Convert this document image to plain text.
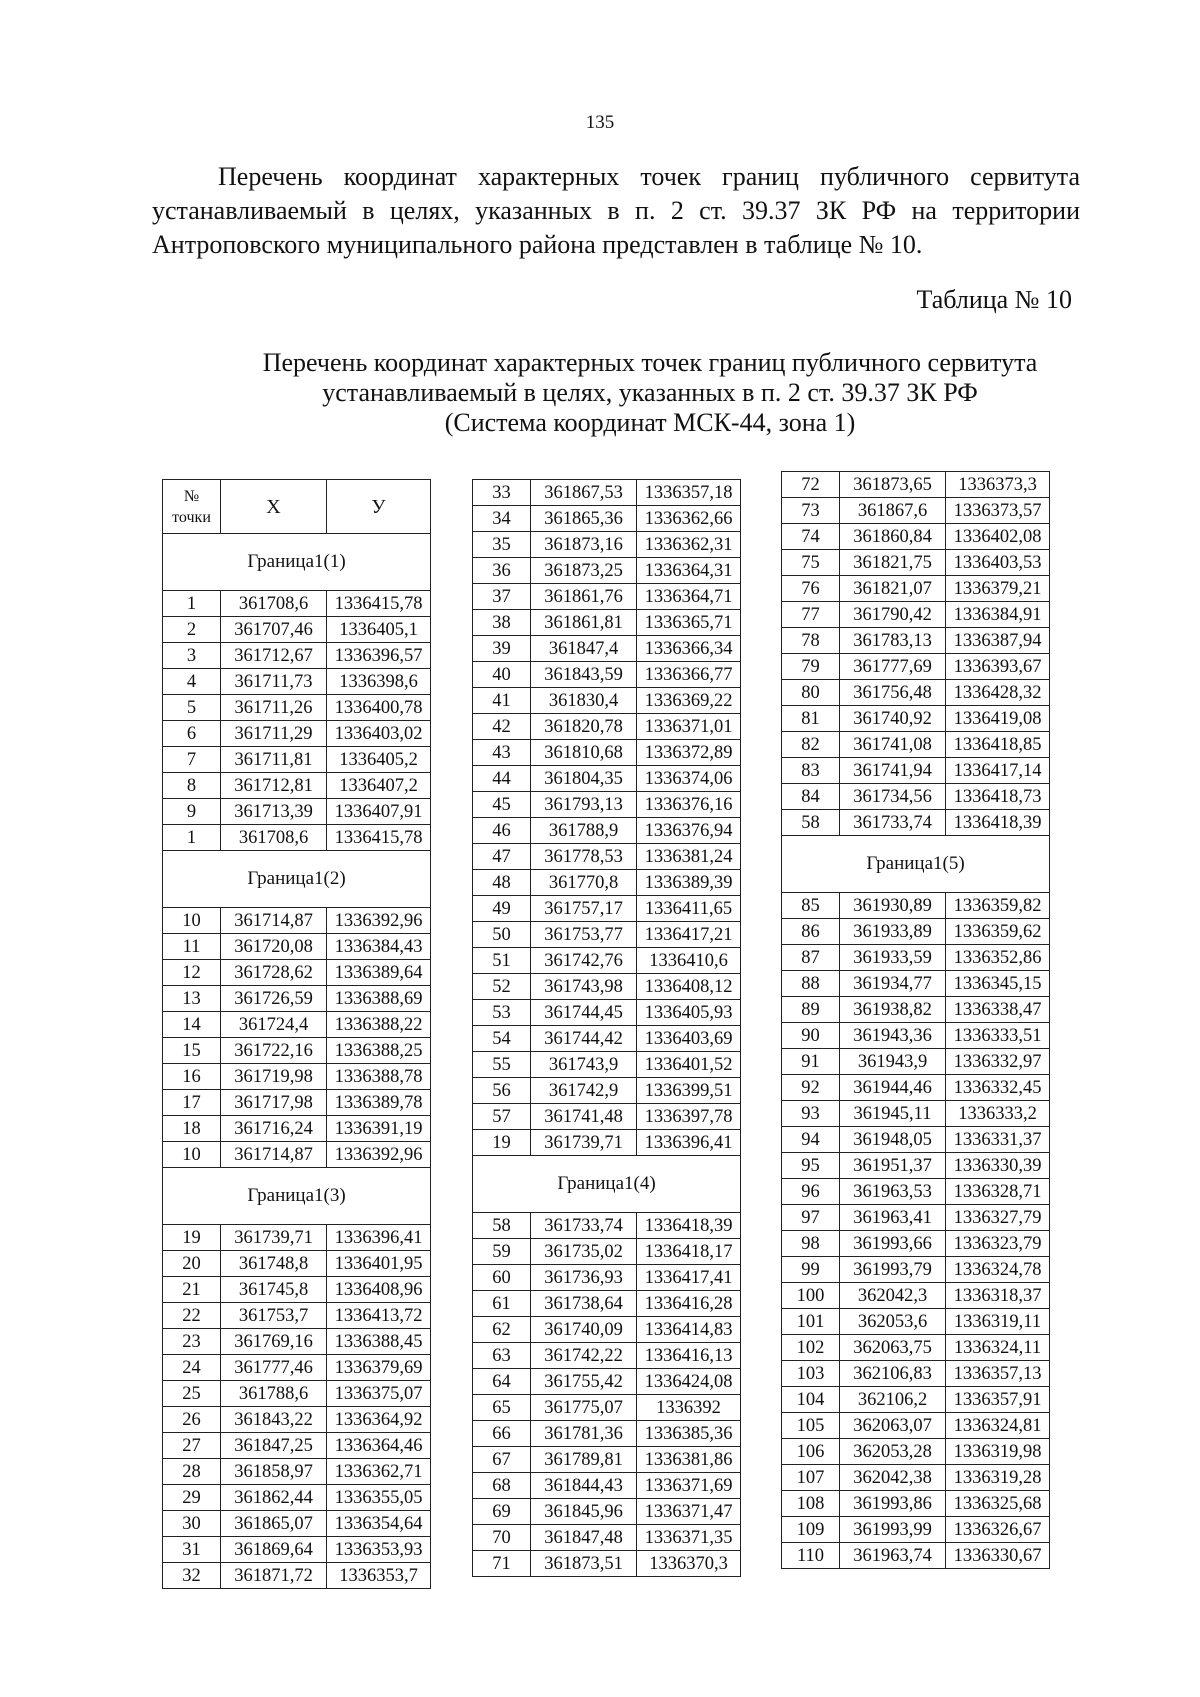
135
Перечень координат характерных точек границ публичного сервитута устанавливаемый в целях, указанных в п. 2 ст. 39.37 ЗК РФ на территории Антроповского муниципального района представлен в таблице № 10.
Таблица № 10
Перечень координат характерных точек границ публичного сервитута
устанавливаемый в целях, указанных в п. 2 ст. 39.37 ЗК РФ
(Система координат МСК-44, зона 1)
№
точки	Х	У
Граница1(1)		
1	361708,6	1336415,78
2	361707,46	1336405,1
3	361712,67	1336396,57
4	361711,73	1336398,6
5	361711,26	1336400,78
6	361711,29	1336403,02
7	361711,81	1336405,2
8	361712,81	1336407,2
9	361713,39	1336407,91
1	361708,6	1336415,78
Граница1(2)		
10	361714,87	1336392,96
11	361720,08	1336384,43
12	361728,62	1336389,64
13	361726,59	1336388,69
14	361724,4	1336388,22
15	361722,16	1336388,25
16	361719,98	1336388,78
17	361717,98	1336389,78
18	361716,24	1336391,19
10	361714,87	1336392,96
Граница1(3)		
19	361739,71	1336396,41
20	361748,8	1336401,95
21	361745,8	1336408,96
22	361753,7	1336413,72
23	361769,16	1336388,45
24	361777,46	1336379,69
25	361788,6	1336375,07
26	361843,22	1336364,92
27	361847,25	1336364,46
28	361858,97	1336362,71
29	361862,44	1336355,05
30	361865,07	1336354,64
31	361869,64	1336353,93
32	361871,72	1336353,7
33	361867,53	1336357,18
34	361865,36	1336362,66
35	361873,16	1336362,31
36	361873,25	1336364,31
37	361861,76	1336364,71
38	361861,81	1336365,71
39	361847,4	1336366,34
40	361843,59	1336366,77
41	361830,4	1336369,22
42	361820,78	1336371,01
43	361810,68	1336372,89
44	361804,35	1336374,06
45	361793,13	1336376,16
46	361788,9	1336376,94
47	361778,53	1336381,24
48	361770,8	1336389,39
49	361757,17	1336411,65
50	361753,77	1336417,21
51	361742,76	1336410,6
52	361743,98	1336408,12
53	361744,45	1336405,93
54	361744,42	1336403,69
55	361743,9	1336401,52
56	361742,9	1336399,51
57	361741,48	1336397,78
19	361739,71	1336396,41
Граница1(4)		
58	361733,74	1336418,39
59	361735,02	1336418,17
60	361736,93	1336417,41
61	361738,64	1336416,28
62	361740,09	1336414,83
63	361742,22	1336416,13
64	361755,42	1336424,08
65	361775,07	1336392
66	361781,36	1336385,36
67	361789,81	1336381,86
68	361844,43	1336371,69
69	361845,96	1336371,47
70	361847,48	1336371,35
71	361873,51	1336370,3
72	361873,65	1336373,3
73	361867,6	1336373,57
74	361860,84	1336402,08
75	361821,75	1336403,53
76	361821,07	1336379,21
77	361790,42	1336384,91
78	361783,13	1336387,94
79	361777,69	1336393,67
80	361756,48	1336428,32
81	361740,92	1336419,08
82	361741,08	1336418,85
83	361741,94	1336417,14
84	361734,56	1336418,73
58	361733,74	1336418,39
Граница1(5)		
85	361930,89	1336359,82
86	361933,89	1336359,62
87	361933,59	1336352,86
88	361934,77	1336345,15
89	361938,82	1336338,47
90	361943,36	1336333,51
91	361943,9	1336332,97
92	361944,46	1336332,45
93	361945,11	1336333,2
94	361948,05	1336331,37
95	361951,37	1336330,39
96	361963,53	1336328,71
97	361963,41	1336327,79
98	361993,66	1336323,79
99	361993,79	1336324,78
100	362042,3	1336318,37
101	362053,6	1336319,11
102	362063,75	1336324,11
103	362106,83	1336357,13
104	362106,2	1336357,91
105	362063,07	1336324,81
106	362053,28	1336319,98
107	362042,38	1336319,28
108	361993,86	1336325,68
109	361993,99	1336326,67
110	361963,74	1336330,67
